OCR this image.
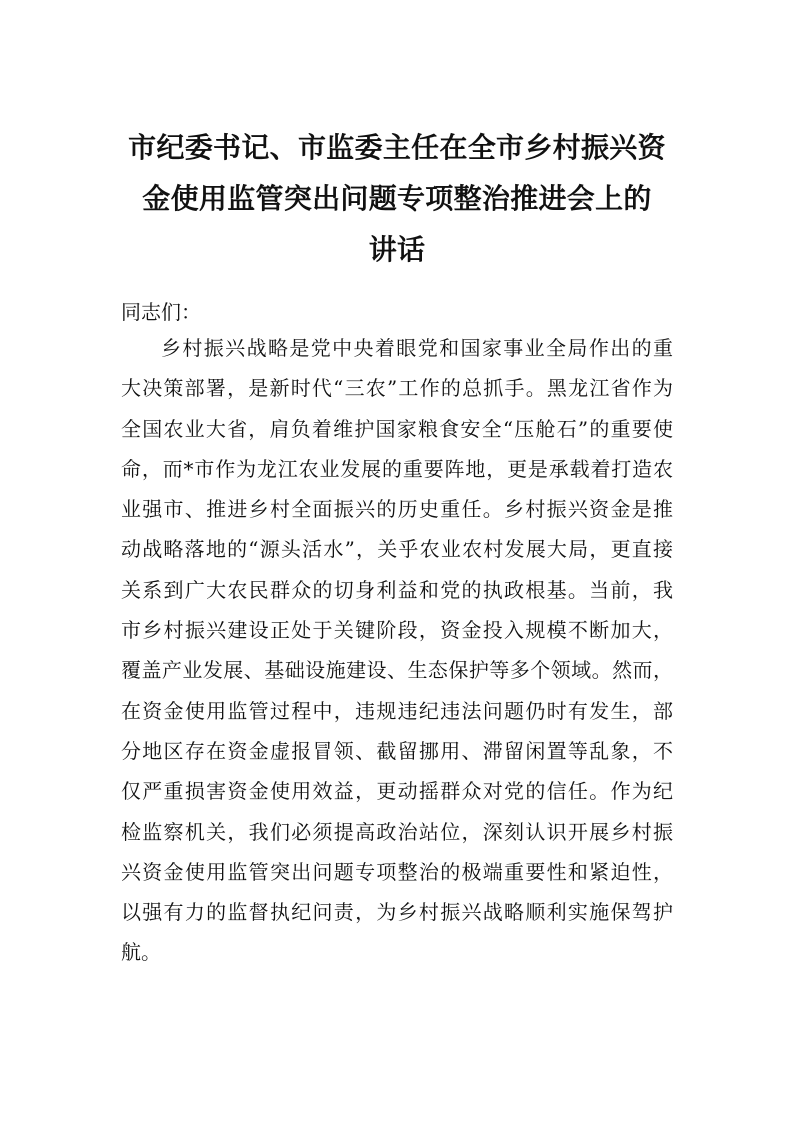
市纪委书记、市监委主任在全市乡村振兴资
金使用监管突出问题专项整治推进会上的
讲话
同志们：
乡村振兴战略是党中央着眼党和国家事业全局作出的重
大决策部署，是新时代“三农”工作的总抓手。黑龙江省作为
全国农业大省，肩负着维护国家粮食安全“压舱石”的重要使
命，而*市作为龙江农业发展的重要阵地，更是承载着打造农
业强市、推进乡村全面振兴的历史重任。乡村振兴资金是推
动战略落地的“源头活水”，关乎农业农村发展大局，更直接
关系到广大农民群众的切身利益和党的执政根基。当前，我
市乡村振兴建设正处于关键阶段，资金投入规模不断加大，
覆盖产业发展、基础设施建设、生态保护等多个领域。然而，
在资金使用监管过程中，违规违纪违法问题仍时有发生，部
分地区存在资金虚报冒领、截留挪用、滞留闲置等乱象，不
仅严重损害资金使用效益，更动摇群众对党的信任。作为纪
检监察机关，我们必须提高政治站位，深刻认识开展乡村振
兴资金使用监管突出问题专项整治的极端重要性和紧迫性，
以强有力的监督执纪问责，为乡村振兴战略顺利实施保驾护
航。
